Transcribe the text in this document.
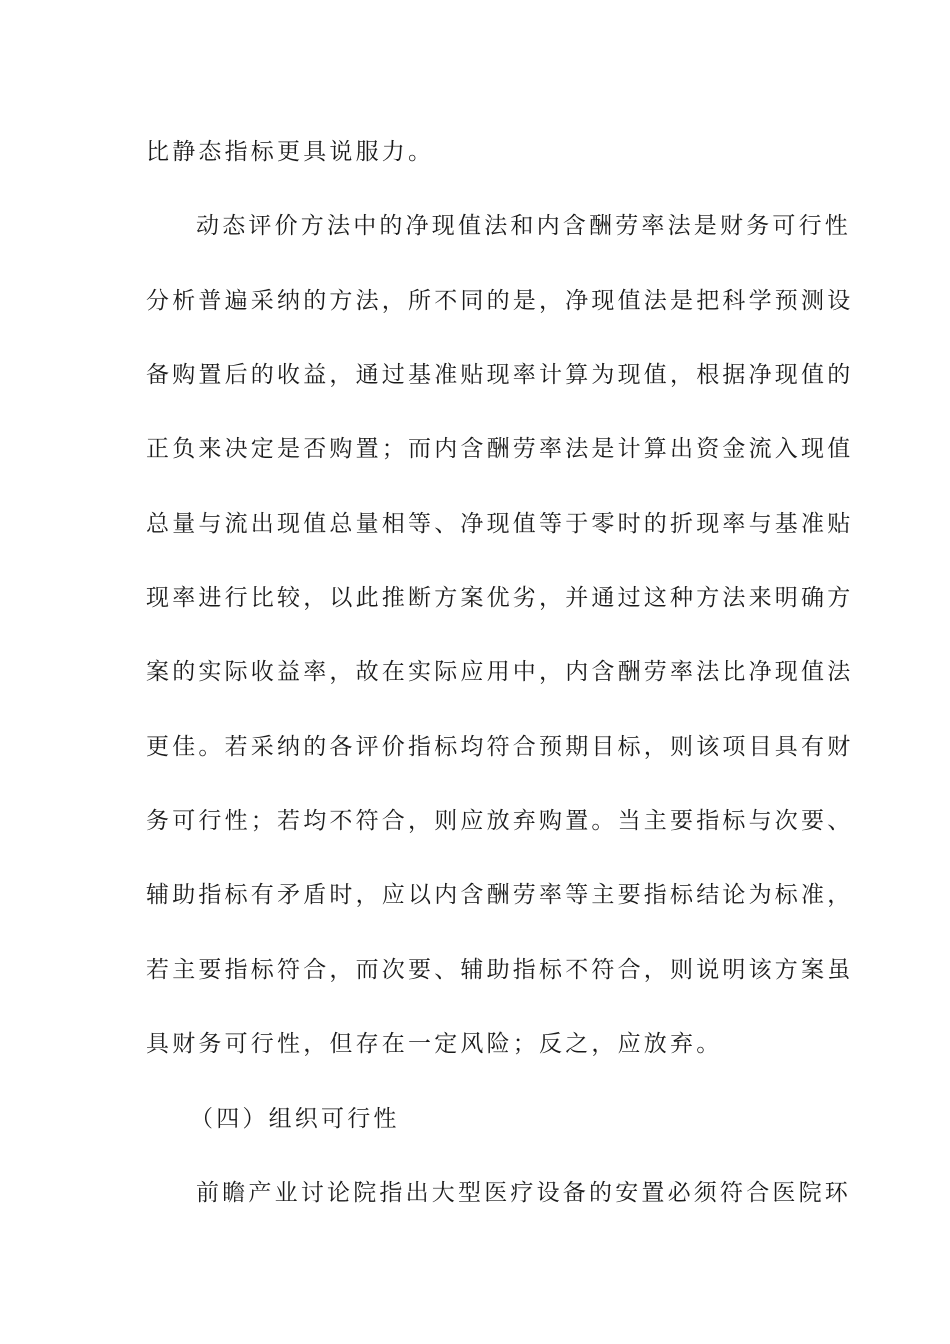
比静态指标更具说服力。
动态评价方法中的净现值法和内含酬劳率法是财务可行性
分析普遍采纳的方法，所不同的是，净现值法是把科学预测设
备购置后的收益，通过基准贴现率计算为现值，根据净现值的
正负来决定是否购置；而内含酬劳率法是计算出资金流入现值
总量与流出现值总量相等、净现值等于零时的折现率与基准贴
现率进行比较，以此推断方案优劣，并通过这种方法来明确方
案的实际收益率，故在实际应用中，内含酬劳率法比净现值法
更佳。若采纳的各评价指标均符合预期目标，则该项目具有财
务可行性；若均不符合，则应放弃购置。当主要指标与次要、
辅助指标有矛盾时，应以内含酬劳率等主要指标结论为标准，
若主要指标符合，而次要、辅助指标不符合，则说明该方案虽
具财务可行性，但存在一定风险；反之，应放弃。
（四）组织可行性
前瞻产业讨论院指出大型医疗设备的安置必须符合医院环
